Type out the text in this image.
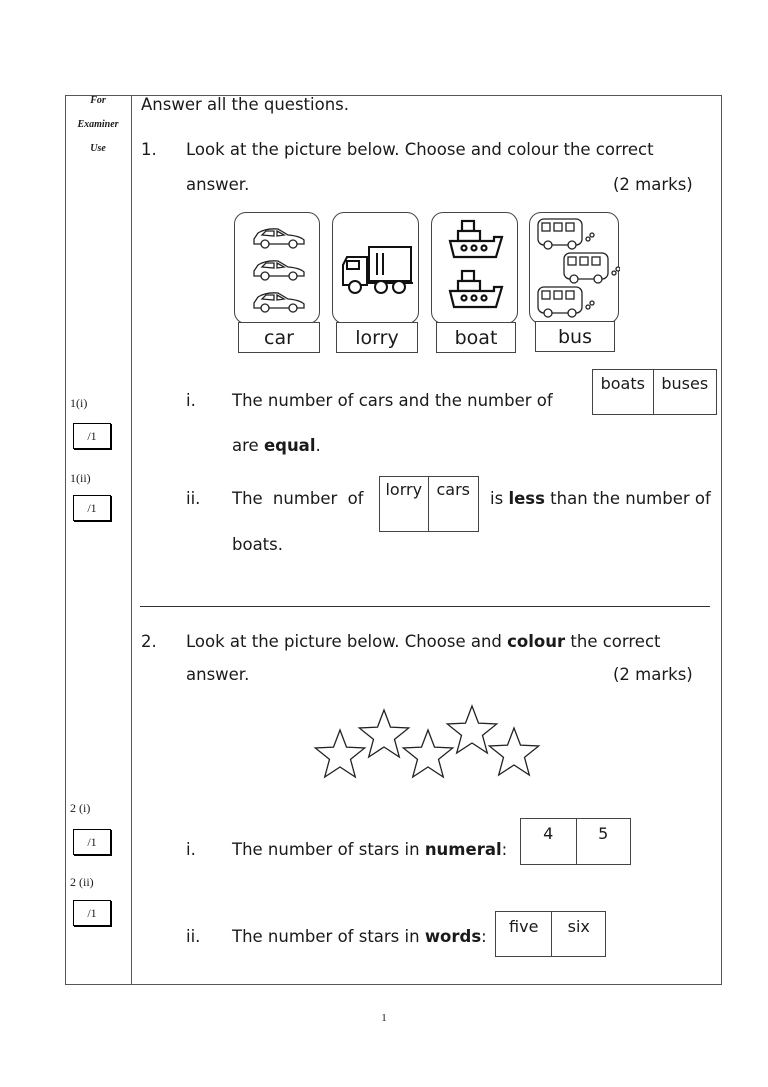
For
Examiner
Use
1(i)
/1
1(ii)
/1
2 (i)
/1
2 (ii)
/1
Answer all the questions.
1. Look at the picture below. Choose and colour the correct
answer.	(2 marks)
car	lorry	boat	bus
i. The number of cars and the number of
boats	buses
are equal.
ii. The number of	lorry cars	is less than the number of
boats.
2. Look at the picture below. Choose and colour the correct
answer.	(2 marks)
i. The number of stars in numeral:
4	5
ii. The number of stars in words:
five	six
1
